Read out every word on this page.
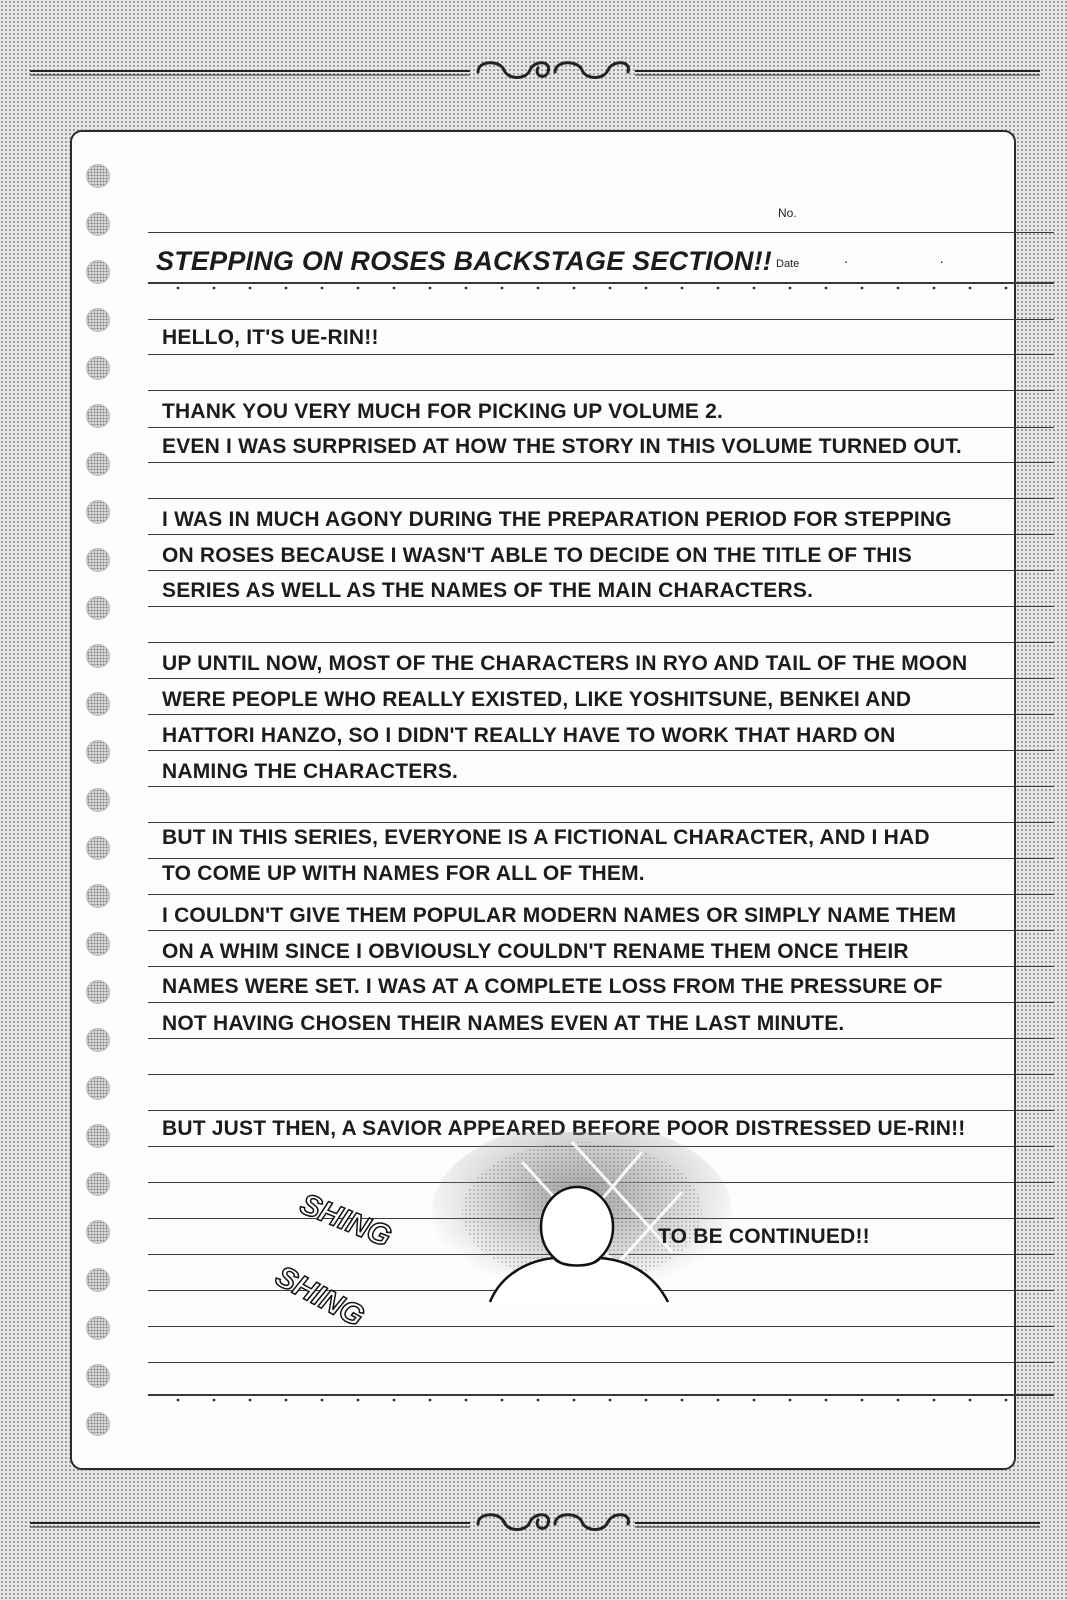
No.
Date	. .

STEPPING ON ROSES BACKSTAGE SECTION!!

HELLO, IT'S UE-RIN!!

THANK YOU VERY MUCH FOR PICKING UP VOLUME 2.

EVEN I WAS SURPRISED AT HOW THE STORY IN THIS VOLUME TURNED OUT.

I WAS IN MUCH AGONY DURING THE PREPARATION PERIOD FOR STEPPING

ON ROSES BECAUSE I WASN'T ABLE TO DECIDE ON THE TITLE OF THIS

SERIES AS WELL AS THE NAMES OF THE MAIN CHARACTERS.

UP UNTIL NOW, MOST OF THE CHARACTERS IN RYO AND TAIL OF THE MOON

WERE PEOPLE WHO REALLY EXISTED, LIKE YOSHITSUNE, BENKEI AND

HATTORI HANZO, SO I DIDN'T REALLY HAVE TO WORK THAT HARD ON

NAMING THE CHARACTERS.

BUT IN THIS SERIES, EVERYONE IS A FICTIONAL CHARACTER, AND I HAD

TO COME UP WITH NAMES FOR ALL OF THEM.

I COULDN'T GIVE THEM POPULAR MODERN NAMES OR SIMPLY NAME THEM

ON A WHIM SINCE I OBVIOUSLY COULDN'T RENAME THEM ONCE THEIR

NAMES WERE SET. I WAS AT A COMPLETE LOSS FROM THE PRESSURE OF

NOT HAVING CHOSEN THEIR NAMES EVEN AT THE LAST MINUTE.

BUT JUST THEN, A SAVIOR APPEARED BEFORE POOR DISTRESSED UE-RIN!!

SHING
SHING

TO BE CONTINUED!!
